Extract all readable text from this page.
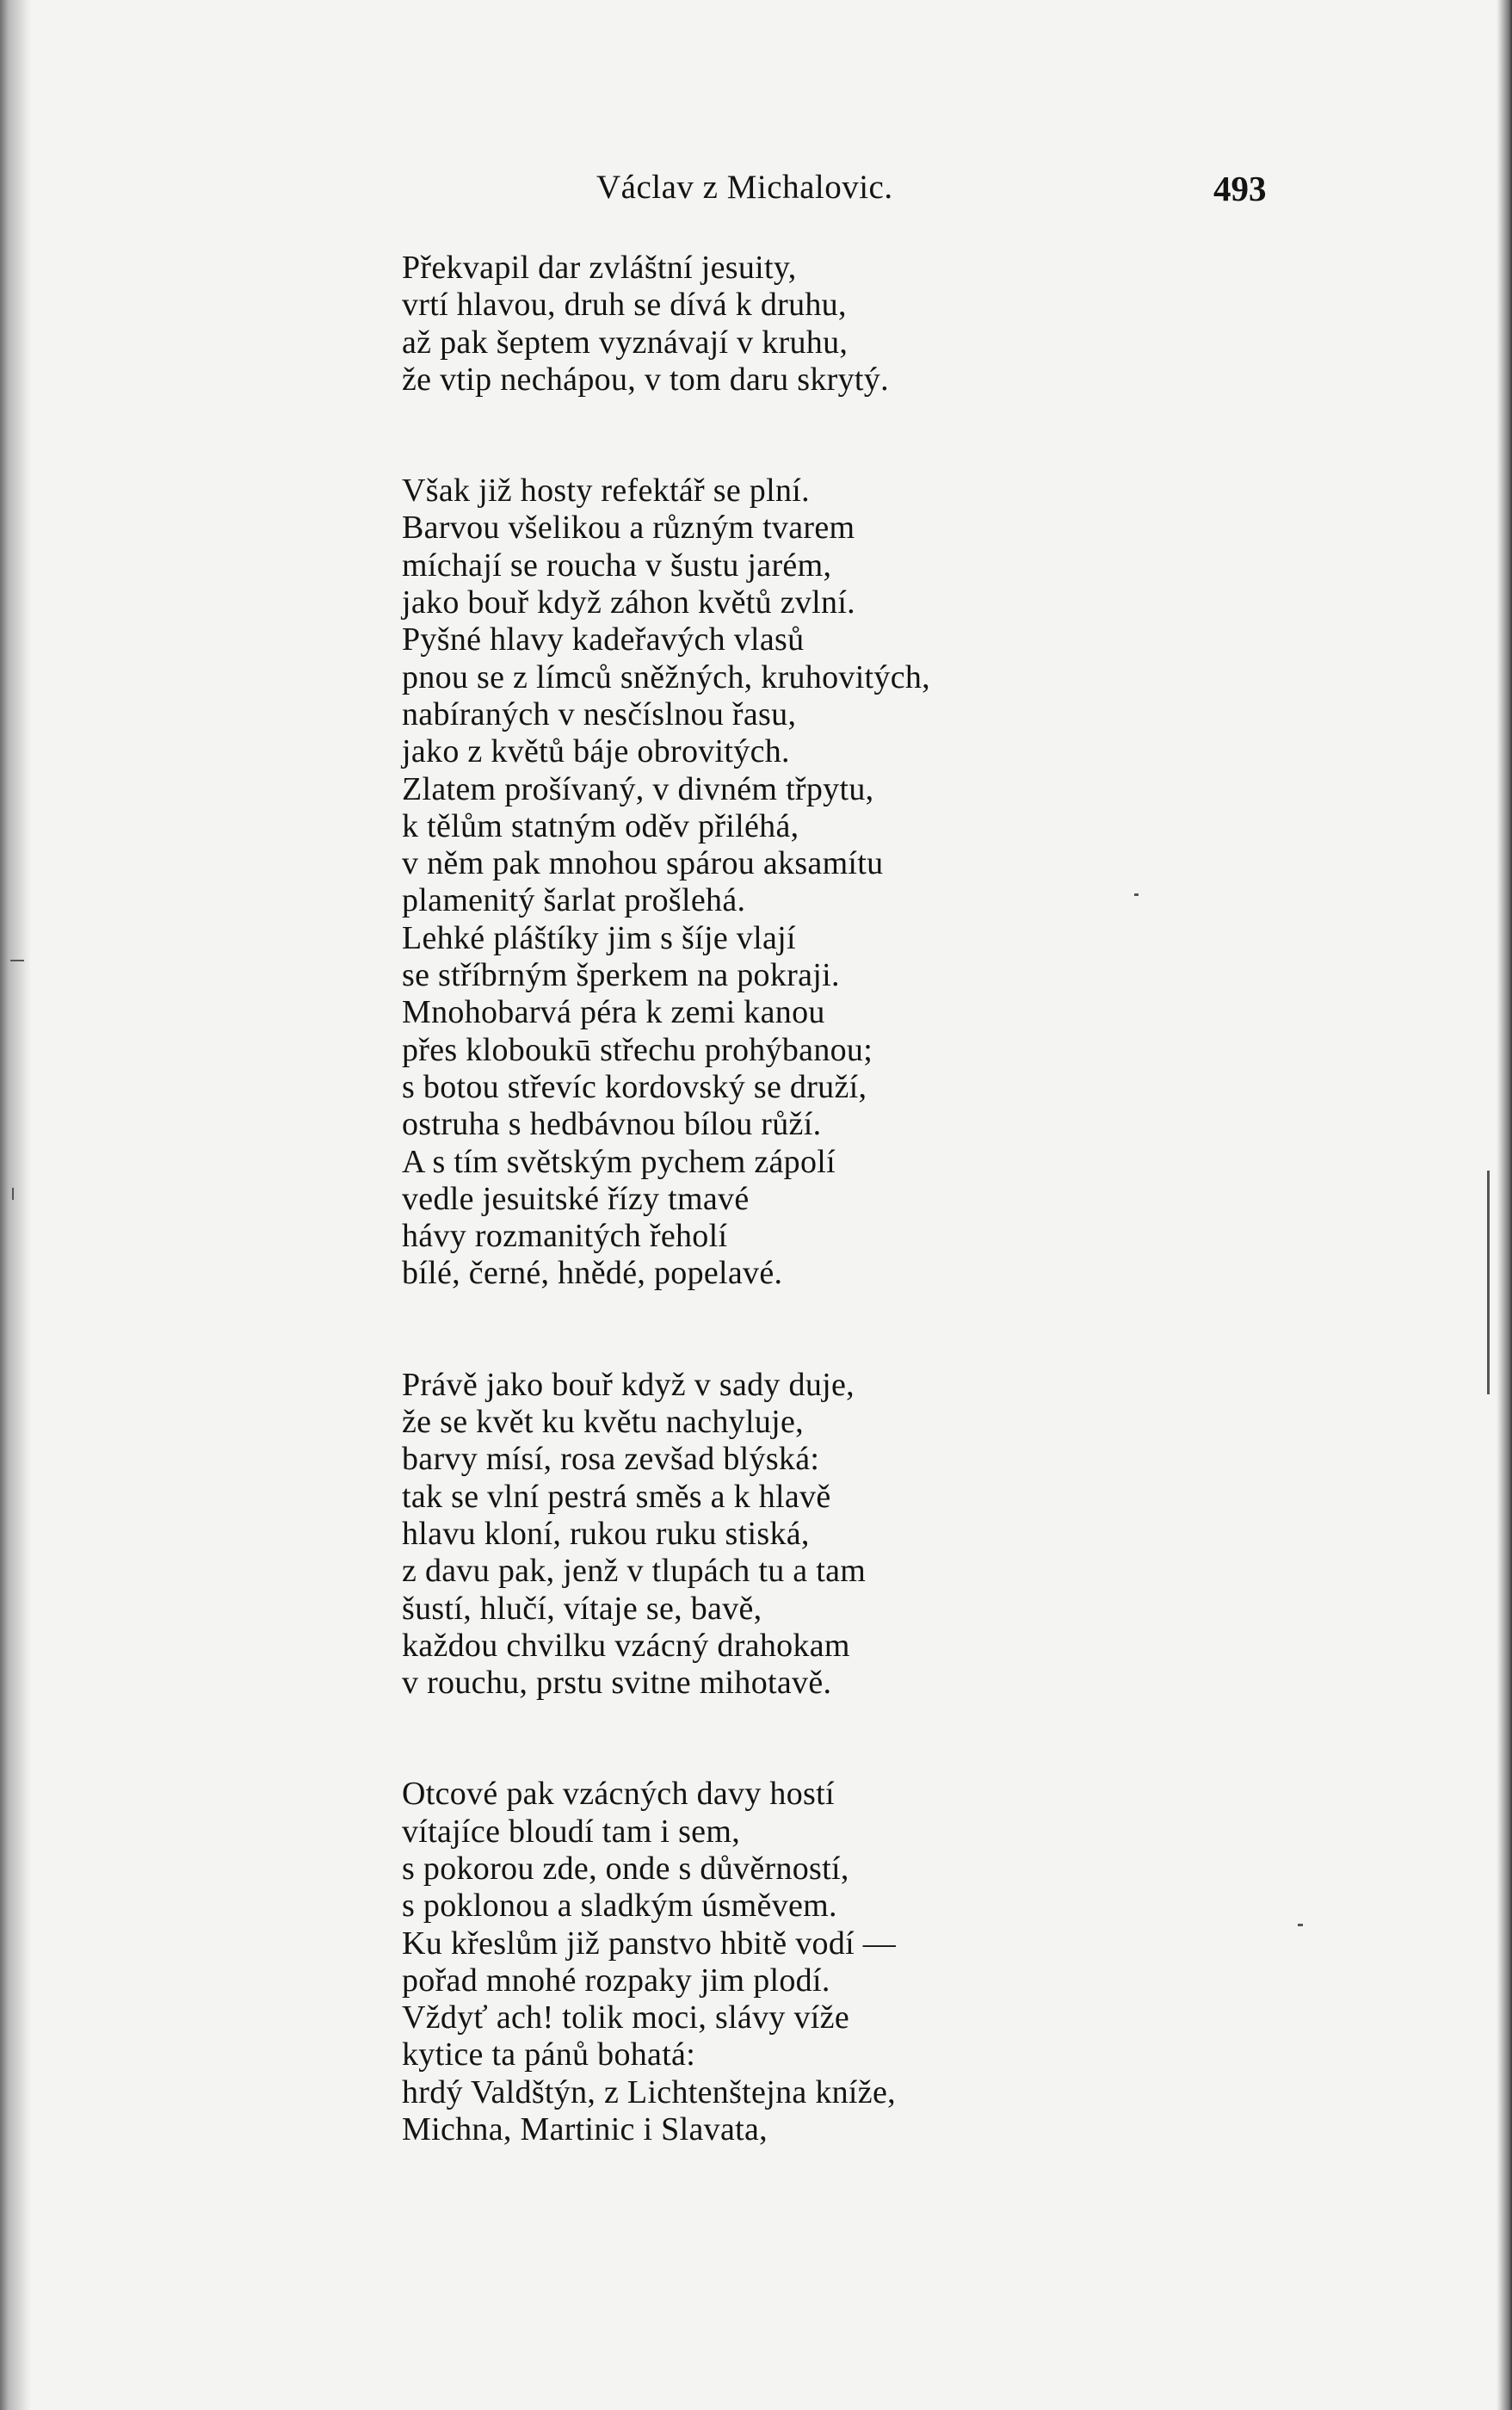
Václav z Michalovic.	493
Překvapil dar zvláštní jesuity,
vrtí hlavou, druh se dívá k druhu,
až pak šeptem vyznávají v kruhu,
že vtip nechápou, v tom daru skrytý.
Však již hosty refektář se plní.
Barvou všelikou a různým tvarem
míchají se roucha v šustu jarém,
jako bouř když záhon květů zvlní.
Pyšné hlavy kadeřavých vlasů
pnou se z límců sněžných, kruhovitých,
nabíraných v nesčíslnou řasu,
jako z květů báje obrovitých.
Zlatem prošívaný, v divném třpytu,
k tělům statným oděv přiléhá,
v něm pak mnohou spárou aksamítu
plamenitý šarlat prošlehá.
Lehké pláštíky jim s šíje vlají
se stříbrným šperkem na pokraji.
Mnohobarvá péra k zemi kanou
přes kloboukū střechu prohýbanou;
s botou střevíc kordovský se druží,
ostruha s hedbávnou bílou růží.
A s tím světským pychem zápolí
vedle jesuitské řízy tmavé
hávy rozmanitých řeholí
bílé, černé, hnědé, popelavé.
Právě jako bouř když v sady duje,
že se květ ku květu nachyluje,
barvy mísí, rosa zevšad blýská:
tak se vlní pestrá směs a k hlavě
hlavu kloní, rukou ruku stiská,
z davu pak, jenž v tlupách tu a tam
šustí, hlučí, vítaje se, bavě,
každou chvilku vzácný drahokam
v rouchu, prstu svitne mihotavě.
Otcové pak vzácných davy hostí
vítajíce bloudí tam i sem,
s pokorou zde, onde s důvěrností,
s poklonou a sladkým úsměvem.
Ku křeslům již panstvo hbitě vodí —
pořad mnohé rozpaky jim plodí.
Vždyť ach! tolik moci, slávy víže
kytice ta pánů bohatá:
hrdý Valdštýn, z Lichtenštejna kníže,
Michna, Martinic i Slavata,
